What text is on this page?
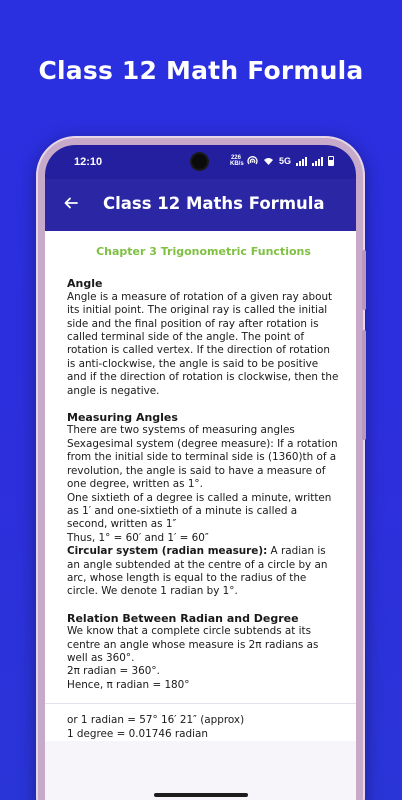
Class 12 Math Formula
12:10	226 KB/s	5G
Class 12 Maths Formula
Chapter 3 Trigonometric Functions
Angle
Angle is a measure of rotation of a given ray about its initial point. The original ray is called the initial side and the final position of ray after rotation is called terminal side of the angle. The point of rotation is called vertex. If the direction of rotation is anti-clockwise, the angle is said to be positive and if the direction of rotation is clockwise, then the angle is negative.
Measuring Angles
There are two systems of measuring angles
Sexagesimal system (degree measure): If a rotation from the initial side to terminal side is (1360)th of a revolution, the angle is said to have a measure of one degree, written as 1°.
One sixtieth of a degree is called a minute, written as 1′ and one-sixtieth of a minute is called a second, written as 1″
Thus, 1° = 60′ and 1′ = 60″
Circular system (radian measure): A radian is an angle subtended at the centre of a circle by an arc, whose length is equal to the radius of the circle. We denote 1 radian by 1°.
Relation Between Radian and Degree
We know that a complete circle subtends at its centre an angle whose measure is 2π radians as well as 360°.
2π radian = 360°.
Hence, π radian = 180°
or 1 radian = 57° 16′ 21″ (approx)
1 degree = 0.01746 radian
